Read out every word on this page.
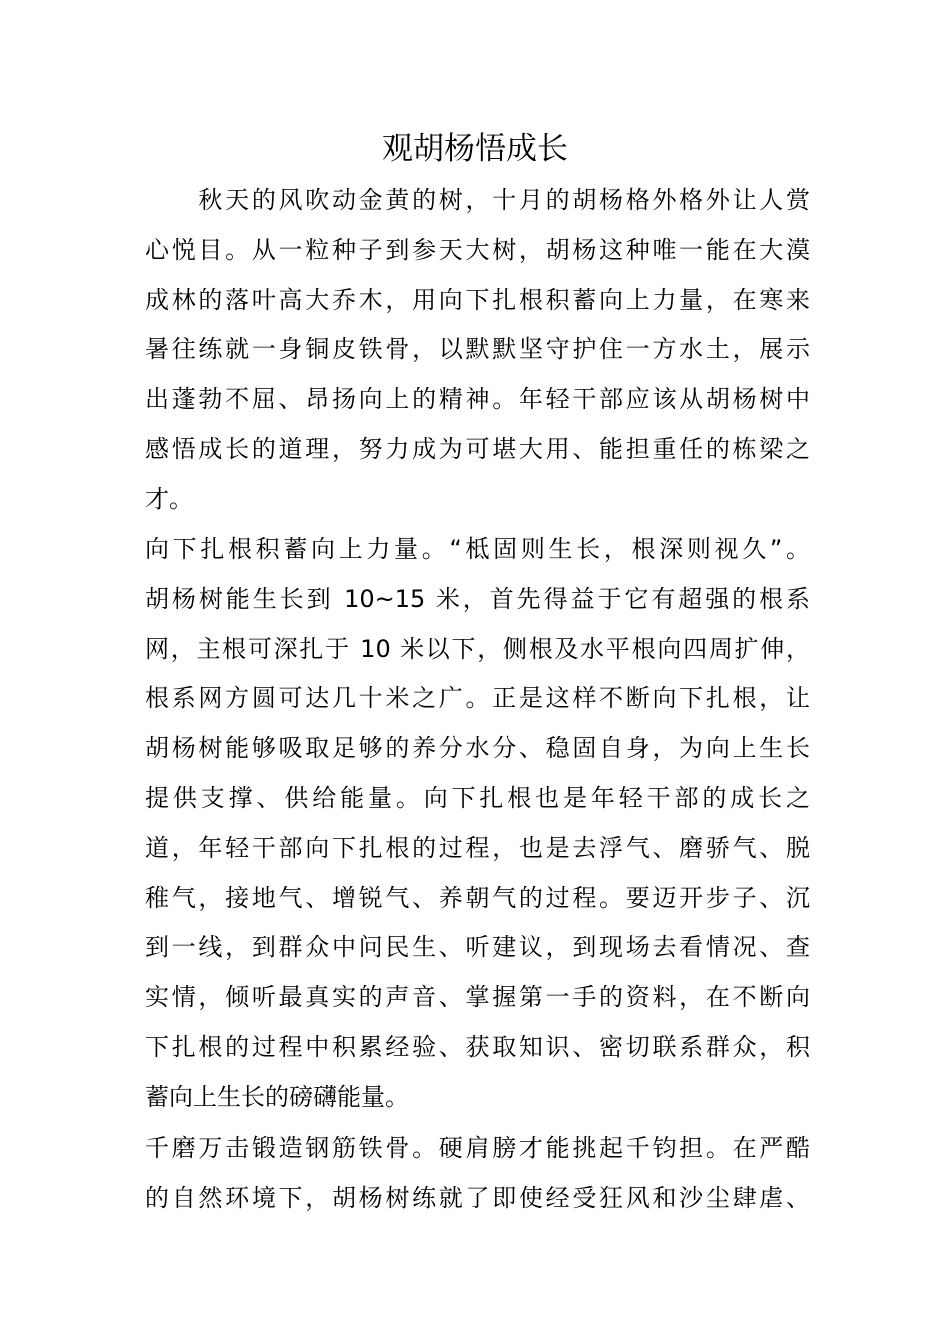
观胡杨悟成长
　　秋天的风吹动金黄的树，十月的胡杨格外格外让人赏
心悦目。从一粒种子到参天大树，胡杨这种唯一能在大漠
成林的落叶高大乔木，用向下扎根积蓄向上力量，在寒来
暑往练就一身铜皮铁骨，以默默坚守护住一方水土，展示
出蓬勃不屈、昂扬向上的精神。年轻干部应该从胡杨树中
感悟成长的道理，努力成为可堪大用、能担重任的栋梁之
才。
向下扎根积蓄向上力量。“柢固则生长，根深则视久”。
胡杨树能生长到 10~15 米，首先得益于它有超强的根系
网，主根可深扎于 10 米以下，侧根及水平根向四周扩伸，
根系网方圆可达几十米之广。正是这样不断向下扎根，让
胡杨树能够吸取足够的养分水分、稳固自身，为向上生长
提供支撑、供给能量。向下扎根也是年轻干部的成长之
道，年轻干部向下扎根的过程，也是去浮气、磨骄气、脱
稚气，接地气、增锐气、养朝气的过程。要迈开步子、沉
到一线，到群众中问民生、听建议，到现场去看情况、查
实情，倾听最真实的声音、掌握第一手的资料，在不断向
下扎根的过程中积累经验、获取知识、密切联系群众，积
蓄向上生长的磅礴能量。
千磨万击锻造钢筋铁骨。硬肩膀才能挑起千钧担。在严酷
的自然环境下，胡杨树练就了即使经受狂风和沙尘肆虐、
